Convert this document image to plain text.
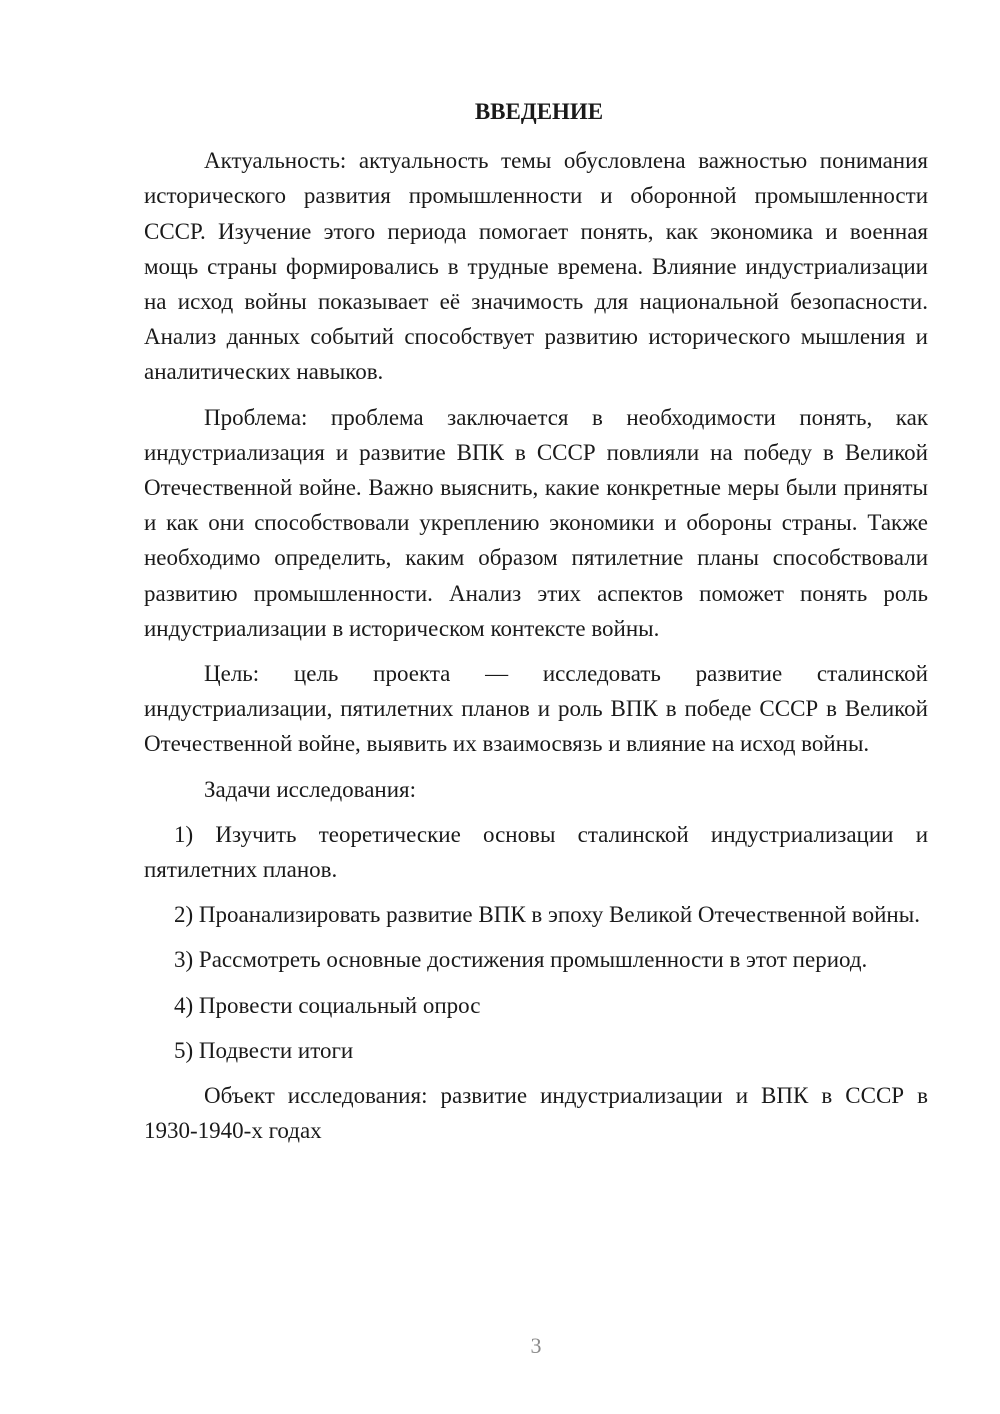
ВВЕДЕНИЕ

Актуальность: актуальность темы обусловлена важностью понимания исторического развития промышленности и оборонной промышленности СССР. Изучение этого периода помогает понять, как экономика и военная мощь страны формировались в трудные времена. Влияние индустриализации на исход войны показывает её значимость для национальной безопасности. Анализ данных событий способствует развитию исторического мышления и аналитических навыков.

Проблема: проблема заключается в необходимости понять, как индустриализация и развитие ВПК в СССР повлияли на победу в Великой Отечественной войне. Важно выяснить, какие конкретные меры были приняты и как они способствовали укреплению экономики и обороны страны. Также необходимо определить, каким образом пятилетние планы способствовали развитию промышленности. Анализ этих аспектов поможет понять роль индустриализации в историческом контексте войны.

Цель: цель проекта — исследовать развитие сталинской индустриализации, пятилетних планов и роль ВПК в победе СССР в Великой Отечественной войне, выявить их взаимосвязь и влияние на исход войны.

Задачи исследования:

1) Изучить теоретические основы сталинской индустриализации и пятилетних планов.

2) Проанализировать развитие ВПК в эпоху Великой Отечественной войны.

3) Рассмотреть основные достижения промышленности в этот период.

4) Провести социальный опрос

5) Подвести итоги

Объект исследования: развитие индустриализации и ВПК в СССР в 1930-1940-х годах

3
